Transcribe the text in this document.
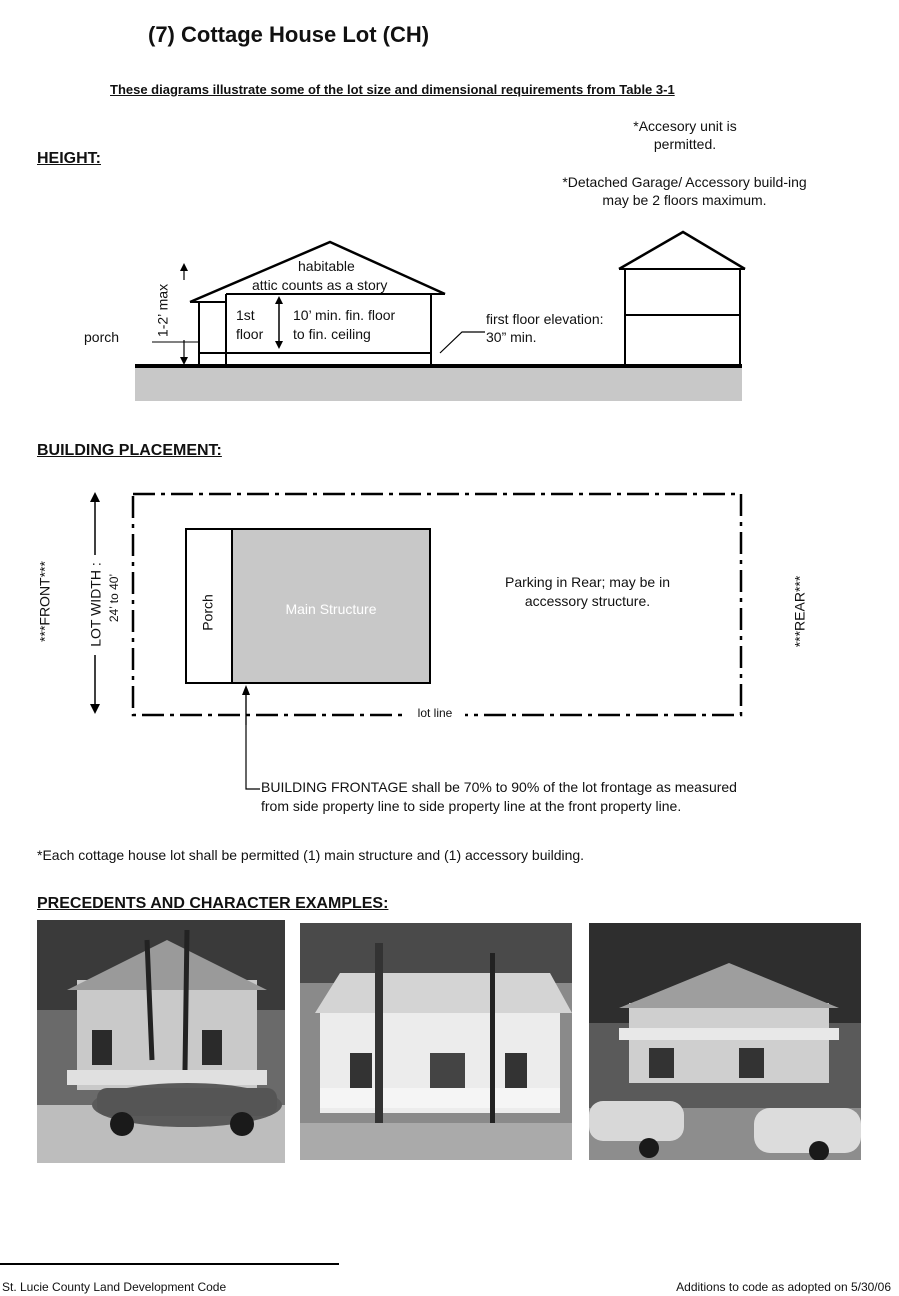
(7) Cottage House Lot (CH)
These diagrams illustrate some of the lot size and dimensional requirements from Table 3-1
HEIGHT:
*Accesory unit is permitted.
*Detached Garage/ Accessory build-ing may be 2 floors maximum.
habitable
attic counts as a story
1st
floor
10’ min. fin. floor
to fin. ceiling
porch	1-2’ max	first floor elevation:
30” min.
BUILDING PLACEMENT:
***FRONT***	***REAR***
LOT WIDTH : 24’ to 40’	Porch	Main Structure
Parking in Rear; may be in
accessory structure.
lot line
BUILDING FRONTAGE shall be 70% to 90% of the lot frontage as measured
from side property line to side property line at the front property line.
*Each cottage house lot shall be permitted (1) main structure and (1) accessory building.
PRECEDENTS AND CHARACTER EXAMPLES:
St. Lucie County Land Development Code	Additions to code as adopted on 5/30/06
